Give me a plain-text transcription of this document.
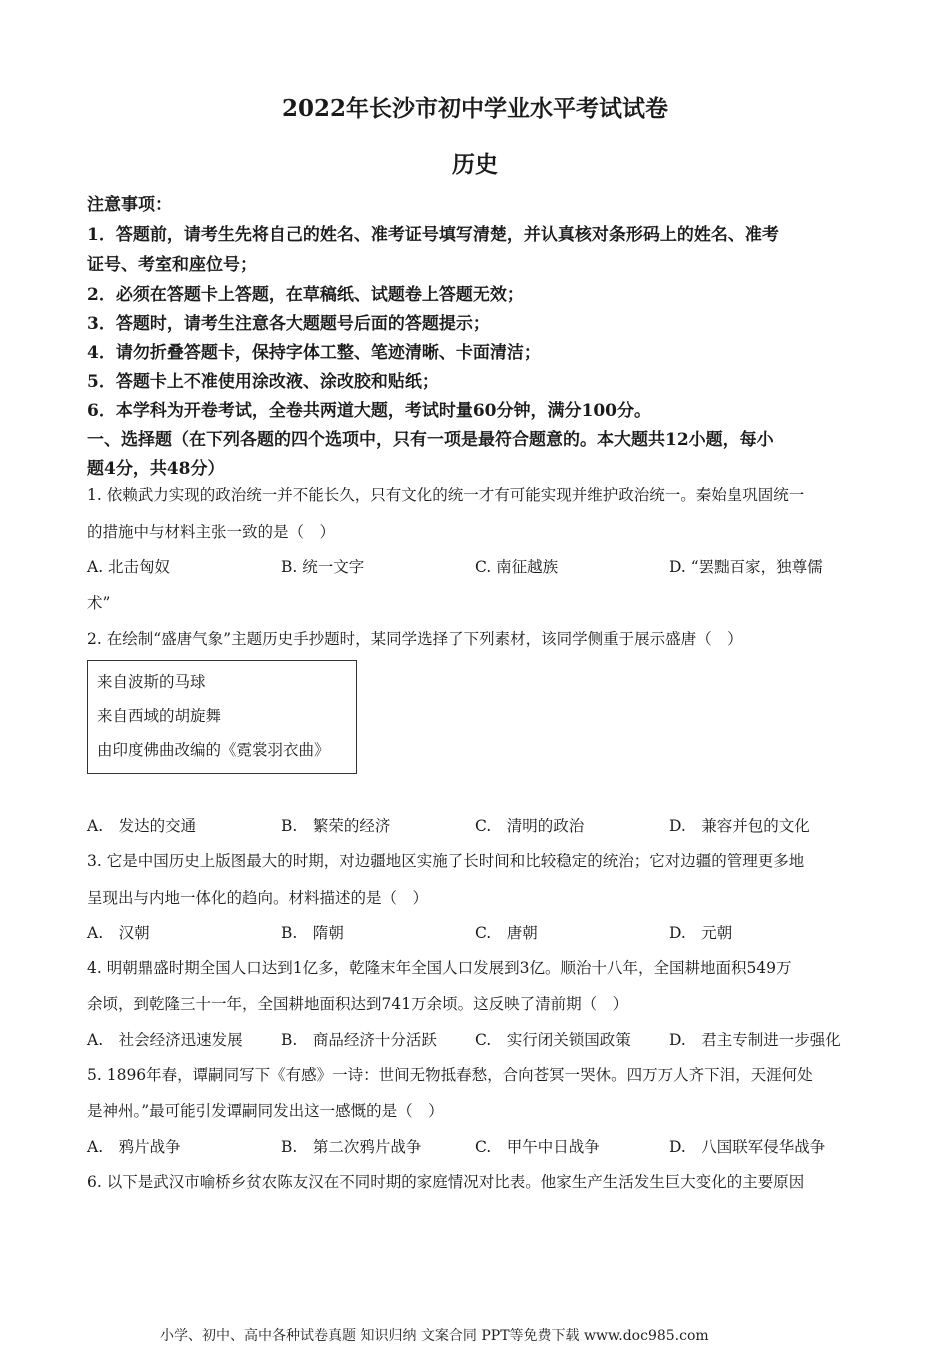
2022年长沙市初中学业水平考试试卷
历史
注意事项：
1．答题前，请考生先将自己的姓名、准考证号填写清楚，并认真核对条形码上的姓名、准考
证号、考室和座位号；
2．必须在答题卡上答题，在草稿纸、试题卷上答题无效；
3．答题时，请考生注意各大题题号后面的答题提示；
4．请勿折叠答题卡，保持字体工整、笔迹清晰、卡面清洁；
5．答题卡上不准使用涂改液、涂改胶和贴纸；
6．本学科为开卷考试，全卷共两道大题，考试时量60分钟，满分100分。
一、选择题（在下列各题的四个选项中，只有一项是最符合题意的。本大题共12小题，每小
题4分，共48分）
1. 依赖武力实现的政治统一并不能长久，只有文化的统一才有可能实现并维护政治统一。秦始皇巩固统一
的措施中与材料主张一致的是（　）
A. 北击匈奴	B. 统一文字	C. 南征越族	D. “罢黜百家，独尊儒
术”
2. 在绘制“盛唐气象”主题历史手抄题时，某同学选择了下列素材，该同学侧重于展示盛唐（　）
来自波斯的马球
来自西域的胡旋舞
由印度佛曲改编的《霓裳羽衣曲》
A.　发达的交通	B.　繁荣的经济	C.　清明的政治	D.　兼容并包的文化
3. 它是中国历史上版图最大的时期，对边疆地区实施了长时间和比较稳定的统治；它对边疆的管理更多地
呈现出与内地一体化的趋向。材料描述的是（　）
A.　汉朝	B.　隋朝	C.　唐朝	D.　元朝
4. 明朝鼎盛时期全国人口达到1亿多，乾隆末年全国人口发展到3亿。顺治十八年，全国耕地面积549万
余顷，到乾隆三十一年，全国耕地面积达到741万余顷。这反映了清前期（　）
A.　社会经济迅速发展 B.　商品经济十分活跃 C.　实行闭关锁国政策 D.　君主专制进一步强化
5. 1896年春，谭嗣同写下《有感》一诗：世间无物抵春愁，合向苍冥一哭休。四万万人齐下泪，天涯何处
是神州。”最可能引发谭嗣同发出这一感慨的是（　）
A.　鸦片战争	B.　第二次鸦片战争	C.　甲午中日战争	D.　八国联军侵华战争
6. 以下是武汉市喻桥乡贫农陈友汉在不同时期的家庭情况对比表。他家生产生活发生巨大变化的主要原因
小学、初中、高中各种试卷真题 知识归纳 文案合同 PPT等免费下载 www.doc985.com
